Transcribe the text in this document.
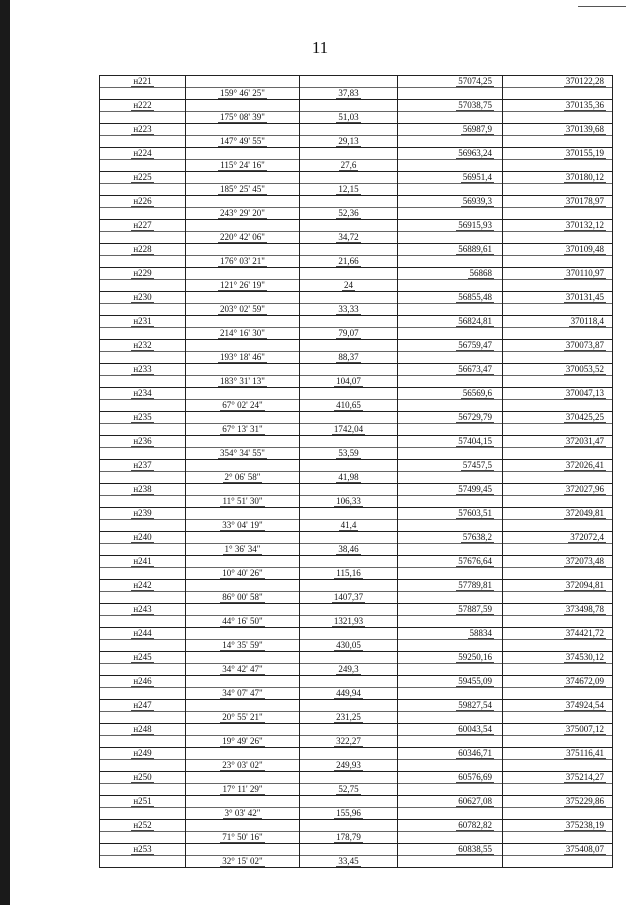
11
н221			57074,25	370122,28
	159° 46' 25"	37,83		
н222			57038,75	370135,36
	175° 08' 39"	51,03		
н223			56987,9	370139,68
	147° 49' 55"	29,13		
н224			56963,24	370155,19
	115° 24' 16"	27,6		
н225			56951,4	370180,12
	185° 25' 45"	12,15		
н226			56939,3	370178,97
	243° 29' 20"	52,36		
н227			56915,93	370132,12
	220° 42' 06"	34,72		
н228			56889,61	370109,48
	176° 03' 21"	21,66		
н229			56868	370110,97
	121° 26' 19"	24		
н230			56855,48	370131,45
	203° 02' 59"	33,33		
н231			56824,81	370118,4
	214° 16' 30"	79,07		
н232			56759,47	370073,87
	193° 18' 46"	88,37		
н233			56673,47	370053,52
	183° 31' 13"	104,07		
н234			56569,6	370047,13
	67° 02' 24"	410,65		
н235			56729,79	370425,25
	67° 13' 31"	1742,04		
н236			57404,15	372031,47
	354° 34' 55"	53,59		
н237			57457,5	372026,41
	2° 06' 58"	41,98		
н238			57499,45	372027,96
	11° 51' 30"	106,33		
н239			57603,51	372049,81
	33° 04' 19"	41,4		
н240			57638,2	372072,4
	1° 36' 34"	38,46		
н241			57676,64	372073,48
	10° 40' 26"	115,16		
н242			57789,81	372094,81
	86° 00' 58"	1407,37		
н243			57887,59	373498,78
	44° 16' 50"	1321,93		
н244			58834	374421,72
	14° 35' 59"	430,05		
н245			59250,16	374530,12
	34° 42' 47"	249,3		
н246			59455,09	374672,09
	34° 07' 47"	449,94		
н247			59827,54	374924,54
	20° 55' 21"	231,25		
н248			60043,54	375007,12
	19° 49' 26"	322,27		
н249			60346,71	375116,41
	23° 03' 02"	249,93		
н250			60576,69	375214,27
	17° 11' 29"	52,75		
н251			60627,08	375229,86
	3° 03' 42"	155,96		
н252			60782,82	375238,19
	71° 50' 16"	178,79		
н253			60838,55	375408,07
	32° 15' 02"	33,45		
